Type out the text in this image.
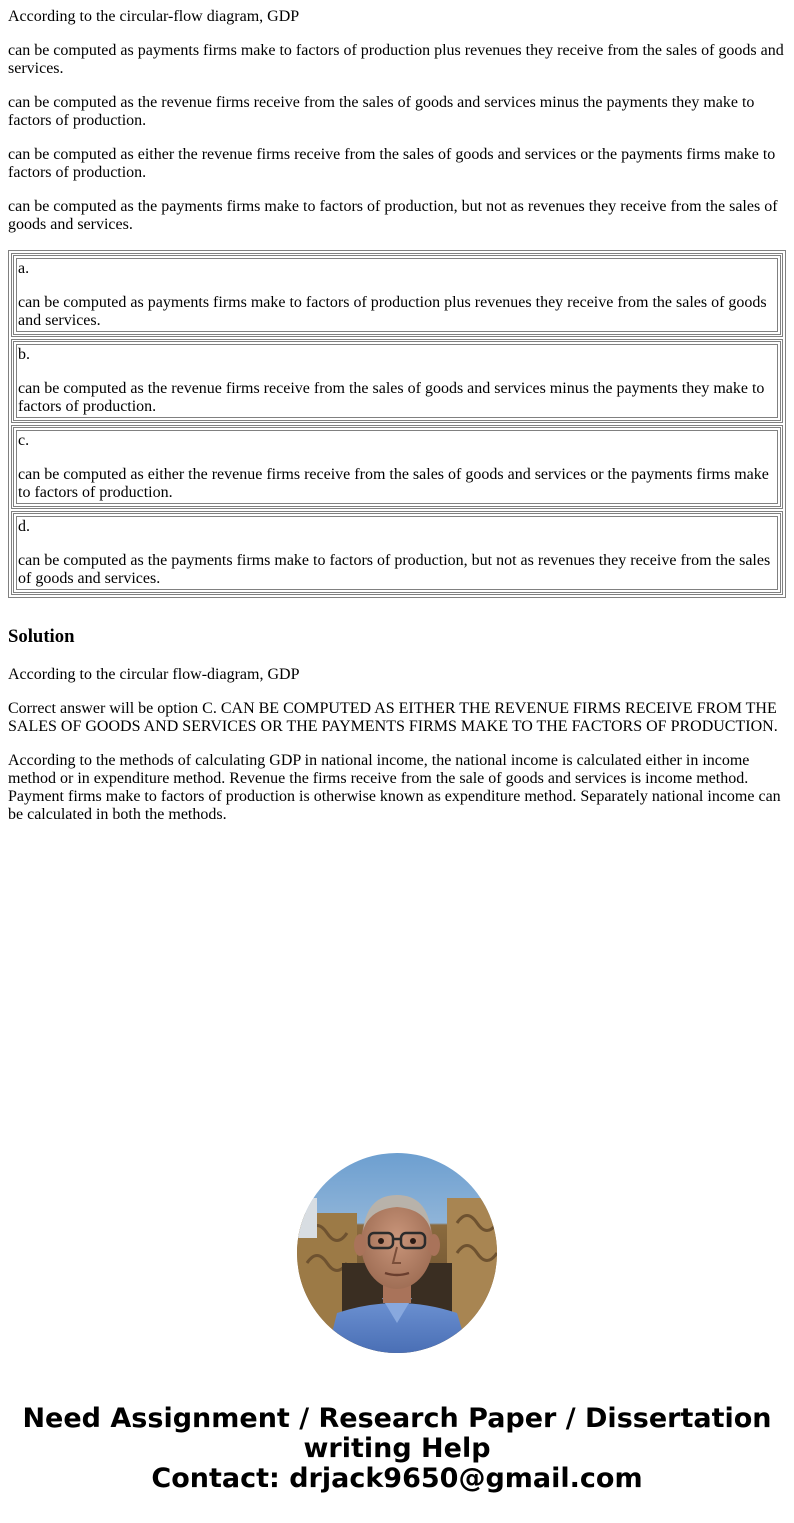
According to the circular-flow diagram, GDP

can be computed as payments firms make to factors of production plus revenues they receive from the sales of goods and services.

can be computed as the revenue firms receive from the sales of goods and services minus the payments they make to factors of production.

can be computed as either the revenue firms receive from the sales of goods and services or the payments firms make to factors of production.

can be computed as the payments firms make to factors of production, but not as revenues they receive from the sales of goods and services.

a.

can be computed as payments firms make to factors of production plus revenues they receive from the sales of goods and services.

b.

can be computed as the revenue firms receive from the sales of goods and services minus the payments they make to factors of production.

c.

can be computed as either the revenue firms receive from the sales of goods and services or the payments firms make to factors of production.

d.

can be computed as the payments firms make to factors of production, but not as revenues they receive from the sales of goods and services.

Solution

According to the circular flow-diagram, GDP

Correct answer will be option C. CAN BE COMPUTED AS EITHER THE REVENUE FIRMS RECEIVE FROM THE SALES OF GOODS AND SERVICES OR THE PAYMENTS FIRMS MAKE TO THE FACTORS OF PRODUCTION.

According to the methods of calculating GDP in national income, the national income is calculated either in income method or in expenditure method. Revenue the firms receive from the sale of goods and services is income method. Payment firms make to factors of production is otherwise known as expenditure method. Separately national income can be calculated in both the methods.

Need Assignment / Research Paper / Dissertation
writing Help
Contact: drjack9650@gmail.com
